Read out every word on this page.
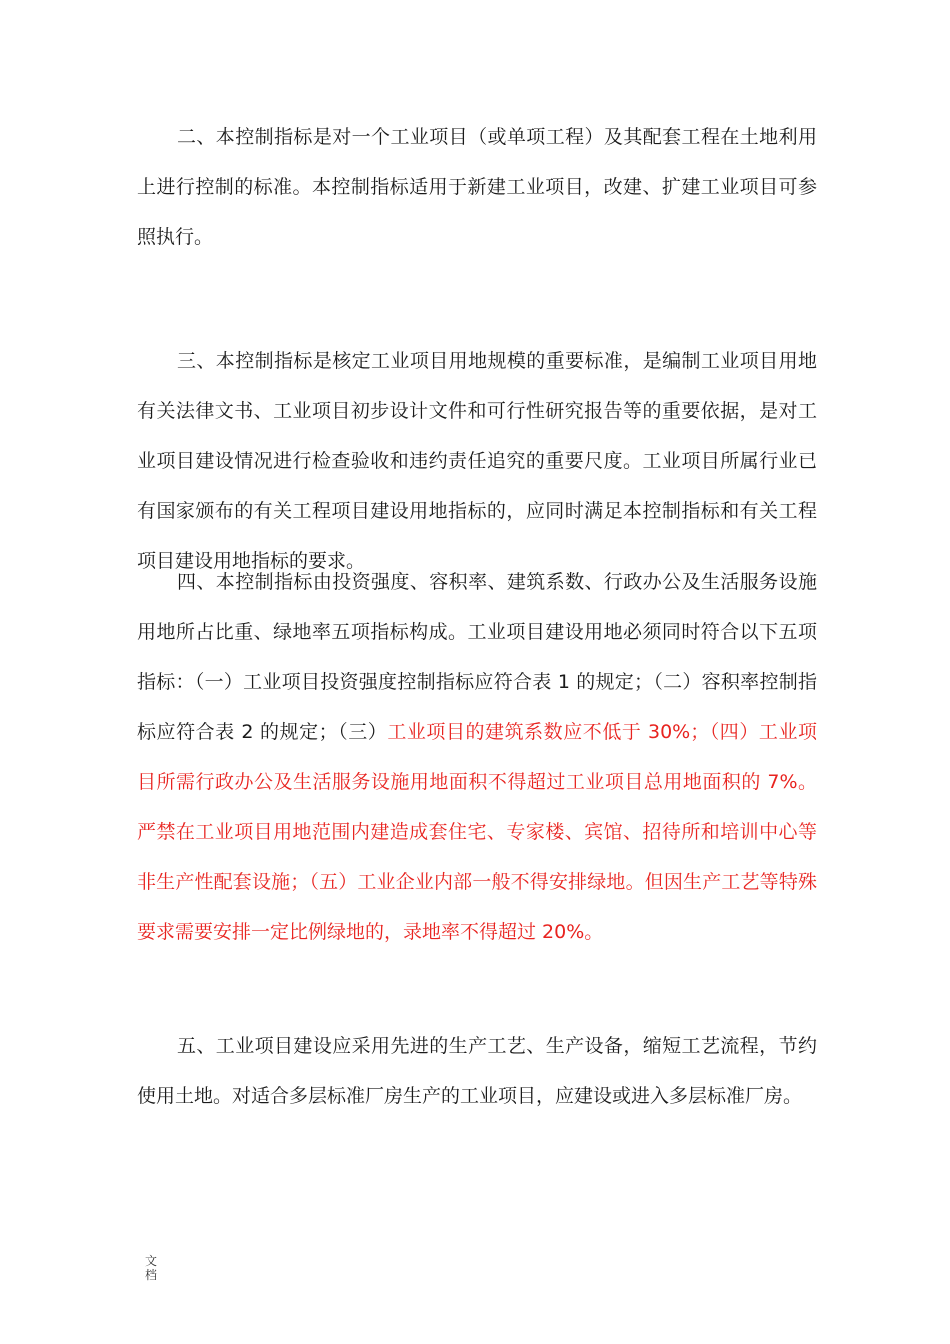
二、本控制指标是对一个工业项目（或单项工程）及其配套工程在土地利用上进行控制的标准。本控制指标适用于新建工业项目，改建、扩建工业项目可参照执行。

三、本控制指标是核定工业项目用地规模的重要标准，是编制工业项目用地有关法律文书、工业项目初步设计文件和可行性研究报告等的重要依据，是对工业项目建设情况进行检查验收和违约责任追究的重要尺度。工业项目所属行业已有国家颁布的有关工程项目建设用地指标的，应同时满足本控制指标和有关工程项目建设用地指标的要求。

四、本控制指标由投资强度、容积率、建筑系数、行政办公及生活服务设施用地所占比重、绿地率五项指标构成。工业项目建设用地必须同时符合以下五项指标：（一）工业项目投资强度控制指标应符合表 1 的规定；（二）容积率控制指标应符合表 2 的规定；（三）工业项目的建筑系数应不低于 30%；（四）工业项目所需行政办公及生活服务设施用地面积不得超过工业项目总用地面积的 7%。严禁在工业项目用地范围内建造成套住宅、专家楼、宾馆、招待所和培训中心等非生产性配套设施；（五）工业企业内部一般不得安排绿地。但因生产工艺等特殊要求需要安排一定比例绿地的，录地率不得超过 20%。

五、工业项目建设应采用先进的生产工艺、生产设备，缩短工艺流程，节约使用土地。对适合多层标准厂房生产的工业项目，应建设或进入多层标准厂房。

文档
